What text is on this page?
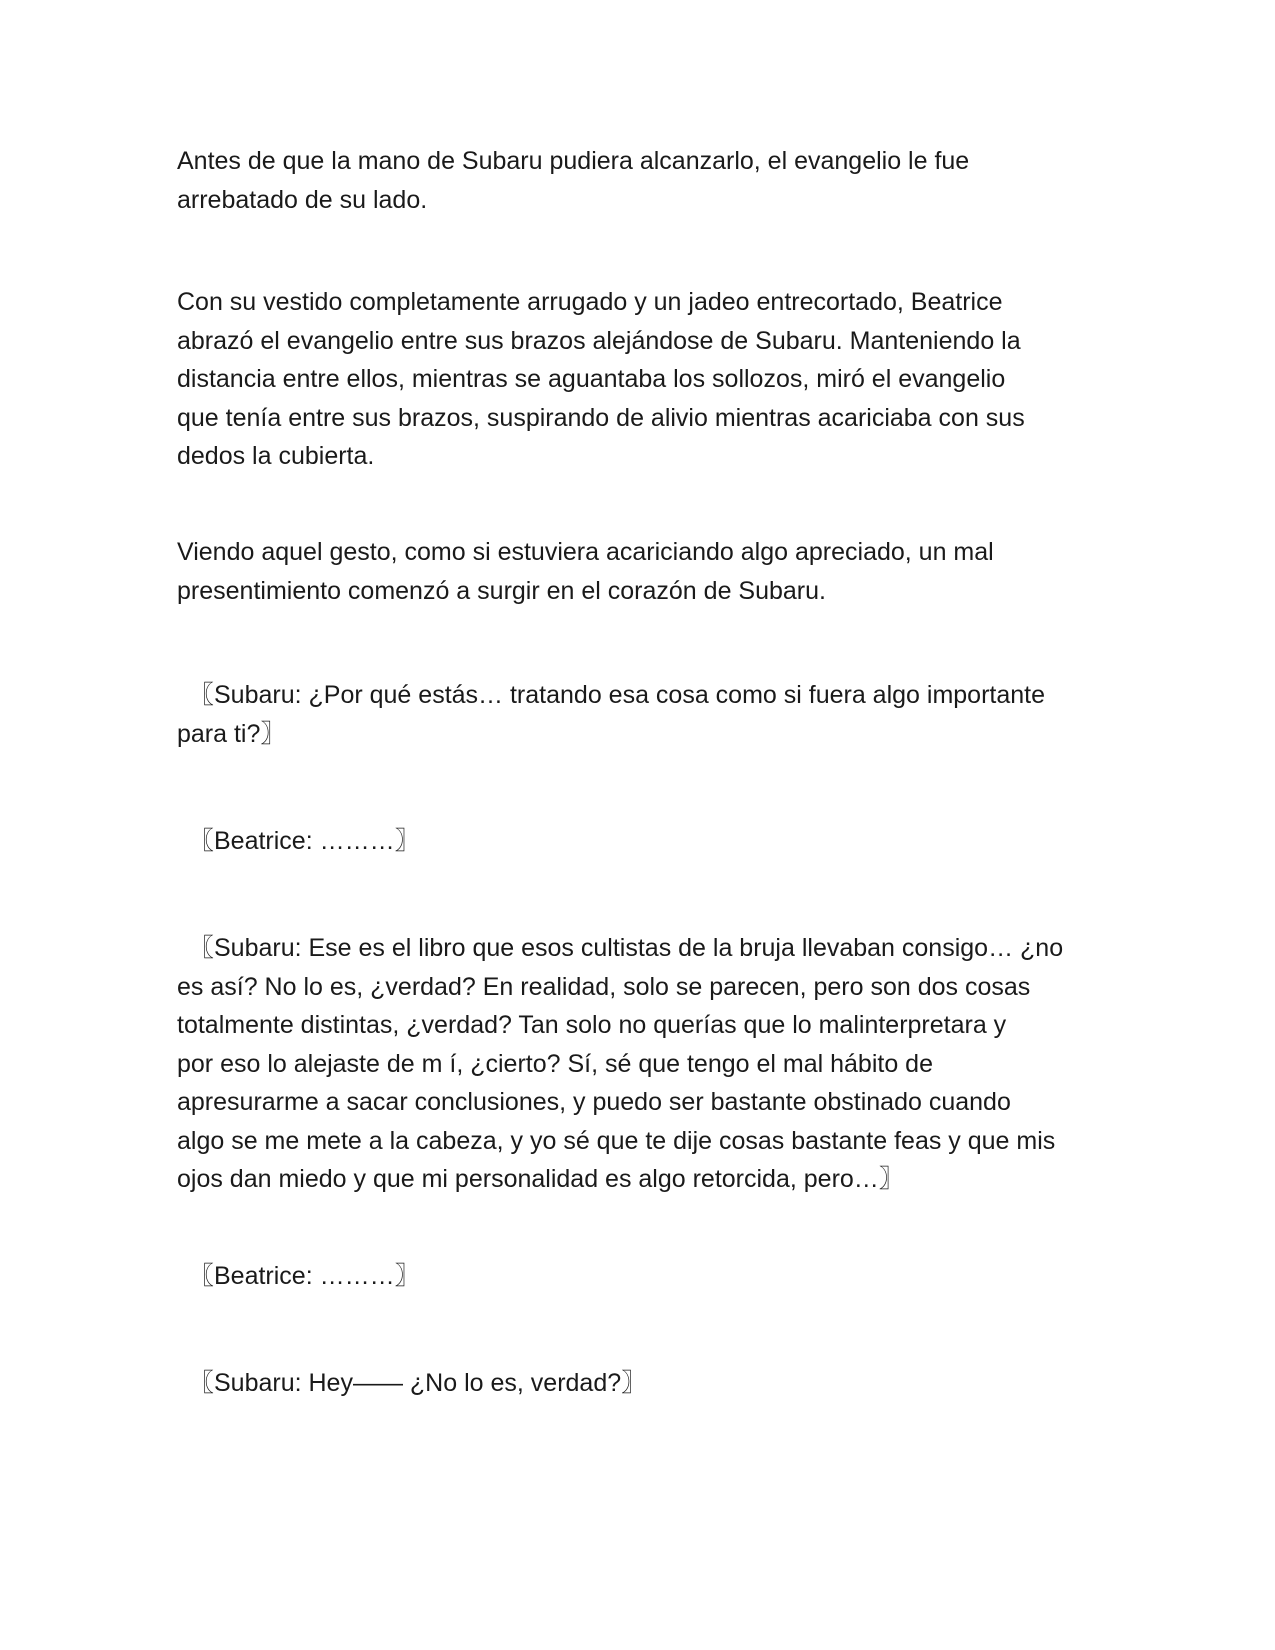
Antes de que la mano de Subaru pudiera alcanzarlo, el evangelio le fue
arrebatado de su lado.

Con su vestido completamente arrugado y un jadeo entrecortado, Beatrice
abrazó el evangelio entre sus brazos alejándose de Subaru. Manteniendo la
distancia entre ellos, mientras se aguantaba los sollozos, miró el evangelio
que tenía entre sus brazos, suspirando de alivio mientras acariciaba con sus
dedos la cubierta.

Viendo aquel gesto, como si estuviera acariciando algo apreciado, un mal
presentimiento comenzó a surgir en el corazón de Subaru.

〖Subaru: ¿Por qué estás… tratando esa cosa como si fuera algo importante
para ti?〗

〖Beatrice: ………〗

〖Subaru: Ese es el libro que esos cultistas de la bruja llevaban consigo… ¿no
es así? No lo es, ¿verdad? En realidad, solo se parecen, pero son dos cosas
totalmente distintas, ¿verdad? Tan solo no querías que lo malinterpretara y
por eso lo alejaste de m í, ¿cierto? Sí, sé que tengo el mal hábito de
apresurarme a sacar conclusiones, y puedo ser bastante obstinado cuando
algo se me mete a la cabeza, y yo sé que te dije cosas bastante feas y que mis
ojos dan miedo y que mi personalidad es algo retorcida, pero…〗

〖Beatrice: ………〗

〖Subaru: Hey—— ¿No lo es, verdad?〗
